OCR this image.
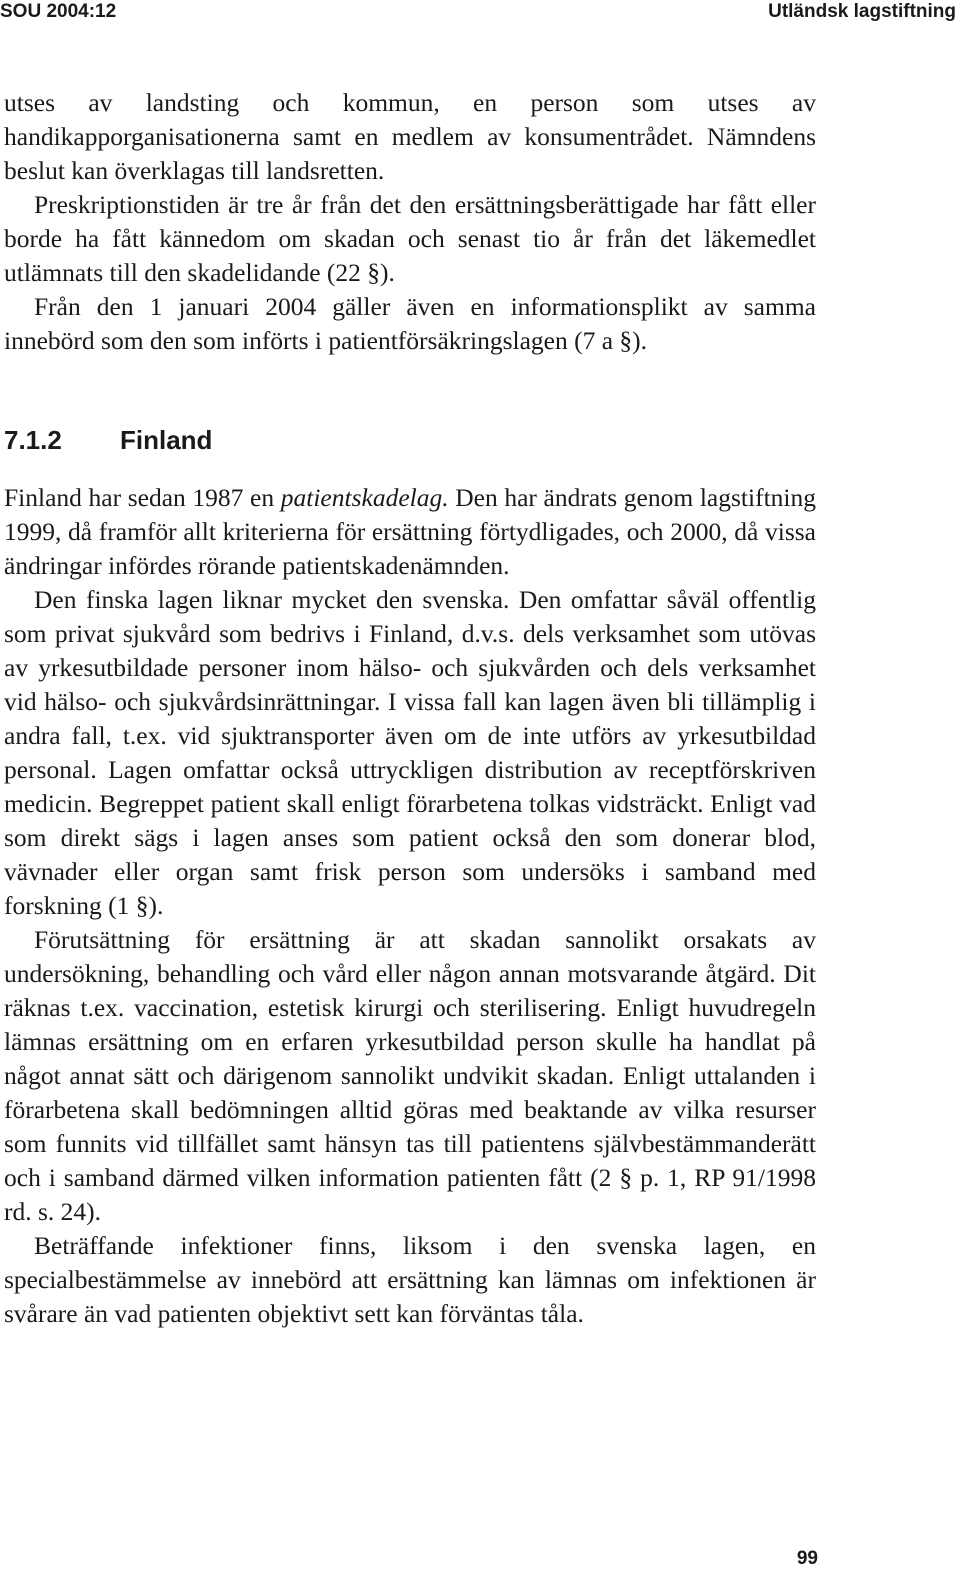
SOU 2004:12	Utländsk lagstiftning
utses av landsting och kommun, en person som utses av handikapporganisationerna samt en medlem av konsumentrådet. Nämndens beslut kan överklagas till landsretten.
Preskriptionstiden är tre år från det den ersättningsberättigade har fått eller borde ha fått kännedom om skadan och senast tio år från det läkemedlet utlämnats till den skadelidande (22 §).
Från den 1 januari 2004 gäller även en informationsplikt av samma innebörd som den som införts i patientförsäkringslagen (7 a §).
7.1.2 Finland
Finland har sedan 1987 en patientskadelag. Den har ändrats genom lagstiftning 1999, då framför allt kriterierna för ersättning förtydligades, och 2000, då vissa ändringar infördes rörande patientskadenämnden.
Den finska lagen liknar mycket den svenska. Den omfattar såväl offentlig som privat sjukvård som bedrivs i Finland, d.v.s. dels verksamhet som utövas av yrkesutbildade personer inom hälso- och sjukvården och dels verksamhet vid hälso- och sjukvårdsinrättningar. I vissa fall kan lagen även bli tillämplig i andra fall, t.ex. vid sjuktransporter även om de inte utförs av yrkesutbildad personal. Lagen omfattar också uttryckligen distribution av receptförskriven medicin. Begreppet patient skall enligt förarbetena tolkas vidsträckt. Enligt vad som direkt sägs i lagen anses som patient också den som donerar blod, vävnader eller organ samt frisk person som undersöks i samband med forskning (1 §).
Förutsättning för ersättning är att skadan sannolikt orsakats av undersökning, behandling och vård eller någon annan motsvarande åtgärd. Dit räknas t.ex. vaccination, estetisk kirurgi och sterilisering. Enligt huvudregeln lämnas ersättning om en erfaren yrkesutbildad person skulle ha handlat på något annat sätt och därigenom sannolikt undvikit skadan. Enligt uttalanden i förarbetena skall bedömningen alltid göras med beaktande av vilka resurser som funnits vid tillfället samt hänsyn tas till patientens självbestämmanderätt och i samband därmed vilken information patienten fått (2 § p. 1, RP 91/1998 rd. s. 24).
Beträffande infektioner finns, liksom i den svenska lagen, en specialbestämmelse av innebörd att ersättning kan lämnas om infektionen är svårare än vad patienten objektivt sett kan förväntas tåla.
99
